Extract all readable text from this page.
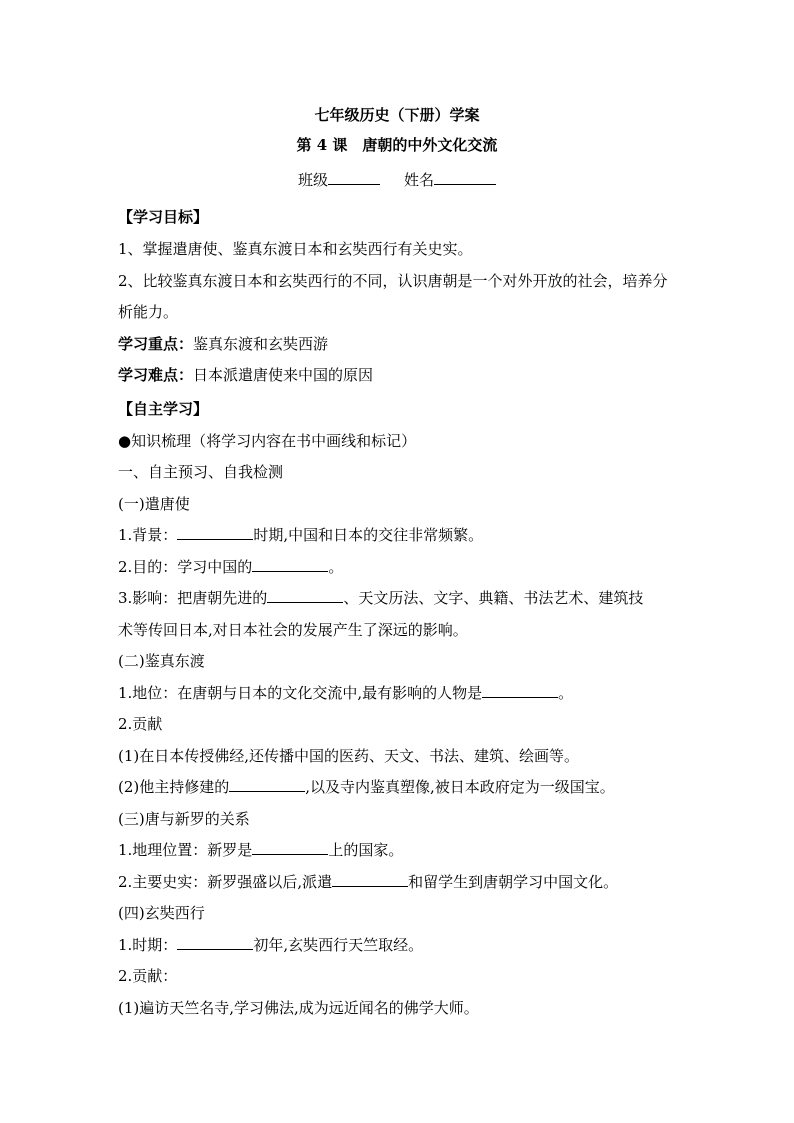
七年级历史（下册）学案
第 4 课　唐朝的中外文化交流
班级	姓名
【学习目标】
1、掌握遣唐使、鉴真东渡日本和玄奘西行有关史实。
2、比较鉴真东渡日本和玄奘西行的不同，认识唐朝是一个对外开放的社会，培养分析能力。
学习重点：鉴真东渡和玄奘西游
学习难点：日本派遣唐使来中国的原因
【自主学习】
●知识梳理（将学习内容在书中画线和标记）
一、自主预习、自我检测
(一)遣唐使
1.背景：	时期,中国和日本的交往非常频繁。
2.目的：学习中国的	。
3.影响：把唐朝先进的	、天文历法、文字、典籍、书法艺术、建筑技
术等传回日本,对日本社会的发展产生了深远的影响。
(二)鉴真东渡
1.地位：在唐朝与日本的文化交流中,最有影响的人物是	。
2.贡献
(1)在日本传授佛经,还传播中国的医药、天文、书法、建筑、绘画等。
(2)他主持修建的	,以及寺内鉴真塑像,被日本政府定为一级国宝。
(三)唐与新罗的关系
1.地理位置：新罗是	上的国家。
2.主要史实：新罗强盛以后,派遣	和留学生到唐朝学习中国文化。
(四)玄奘西行
1.时期：	初年,玄奘西行天竺取经。
2.贡献：
(1)遍访天竺名寺,学习佛法,成为远近闻名的佛学大师。
